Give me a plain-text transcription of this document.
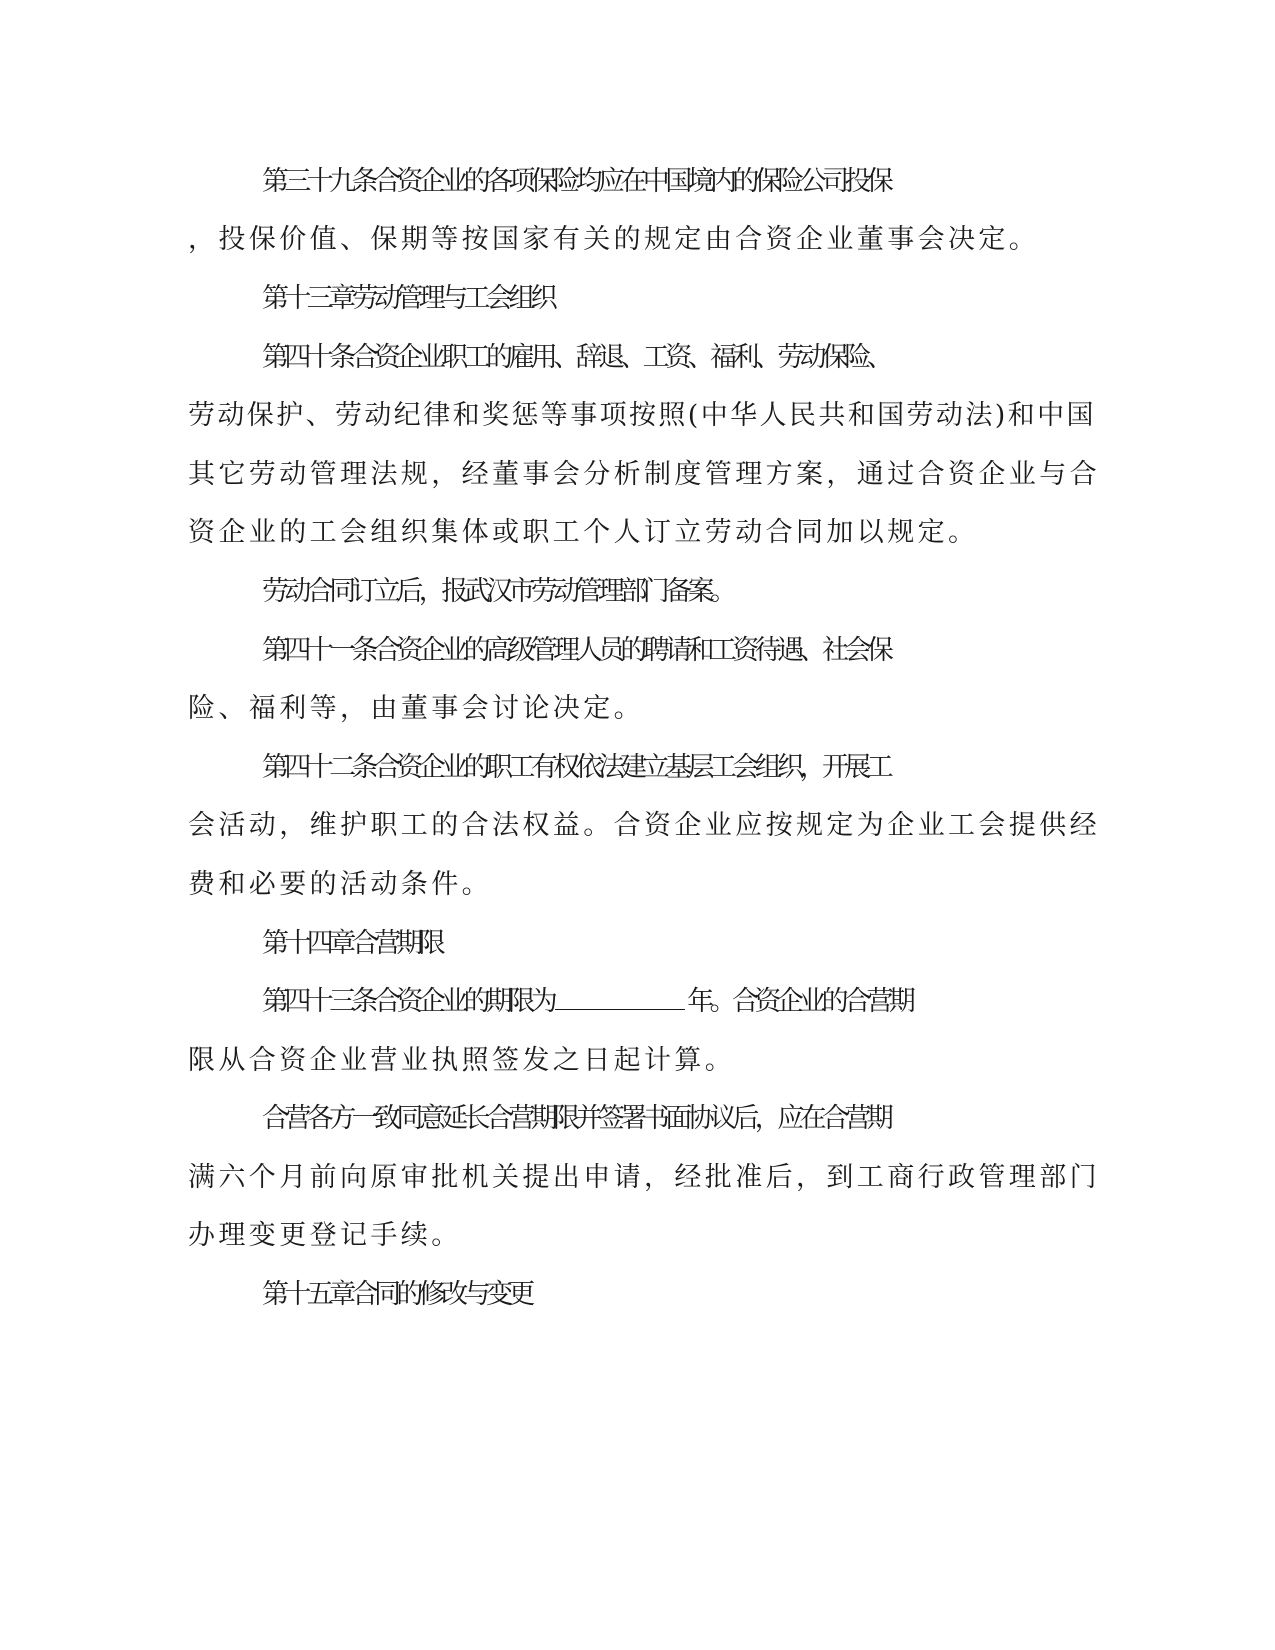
第三十九条合资企业的各项保险均应在中国境内的保险公司投保

，投保价值、保期等按国家有关的规定由合资企业董事会决定。

第十三章劳动管理与工会组织

第四十条合资企业职工的雇用、辞退、工资、福利、劳动保险、

劳动保护、劳动纪律和奖惩等事项按照(中华人民共和国劳动法)和中国

其它劳动管理法规，经董事会分析制度管理方案，通过合资企业与合

资企业的工会组织集体或职工个人订立劳动合同加以规定。

劳动合同订立后，报武汉市劳动管理部门备案。

第四十一条合资企业的高级管理人员的聘请和工资待遇、社会保

险、福利等，由董事会讨论决定。

第四十二条合资企业的职工有权依法建立基层工会组织，开展工

会活动，维护职工的合法权益。合资企业应按规定为企业工会提供经

费和必要的活动条件。

第十四章合营期限

第四十三条合资企业的期限为	年。合资企业的合营期

限从合资企业营业执照签发之日起计算。

合营各方一致同意延长合营期限并签署书面协议后，应在合营期

满六个月前向原审批机关提出申请，经批准后，到工商行政管理部门

办理变更登记手续。

第十五章合同的修改与变更
